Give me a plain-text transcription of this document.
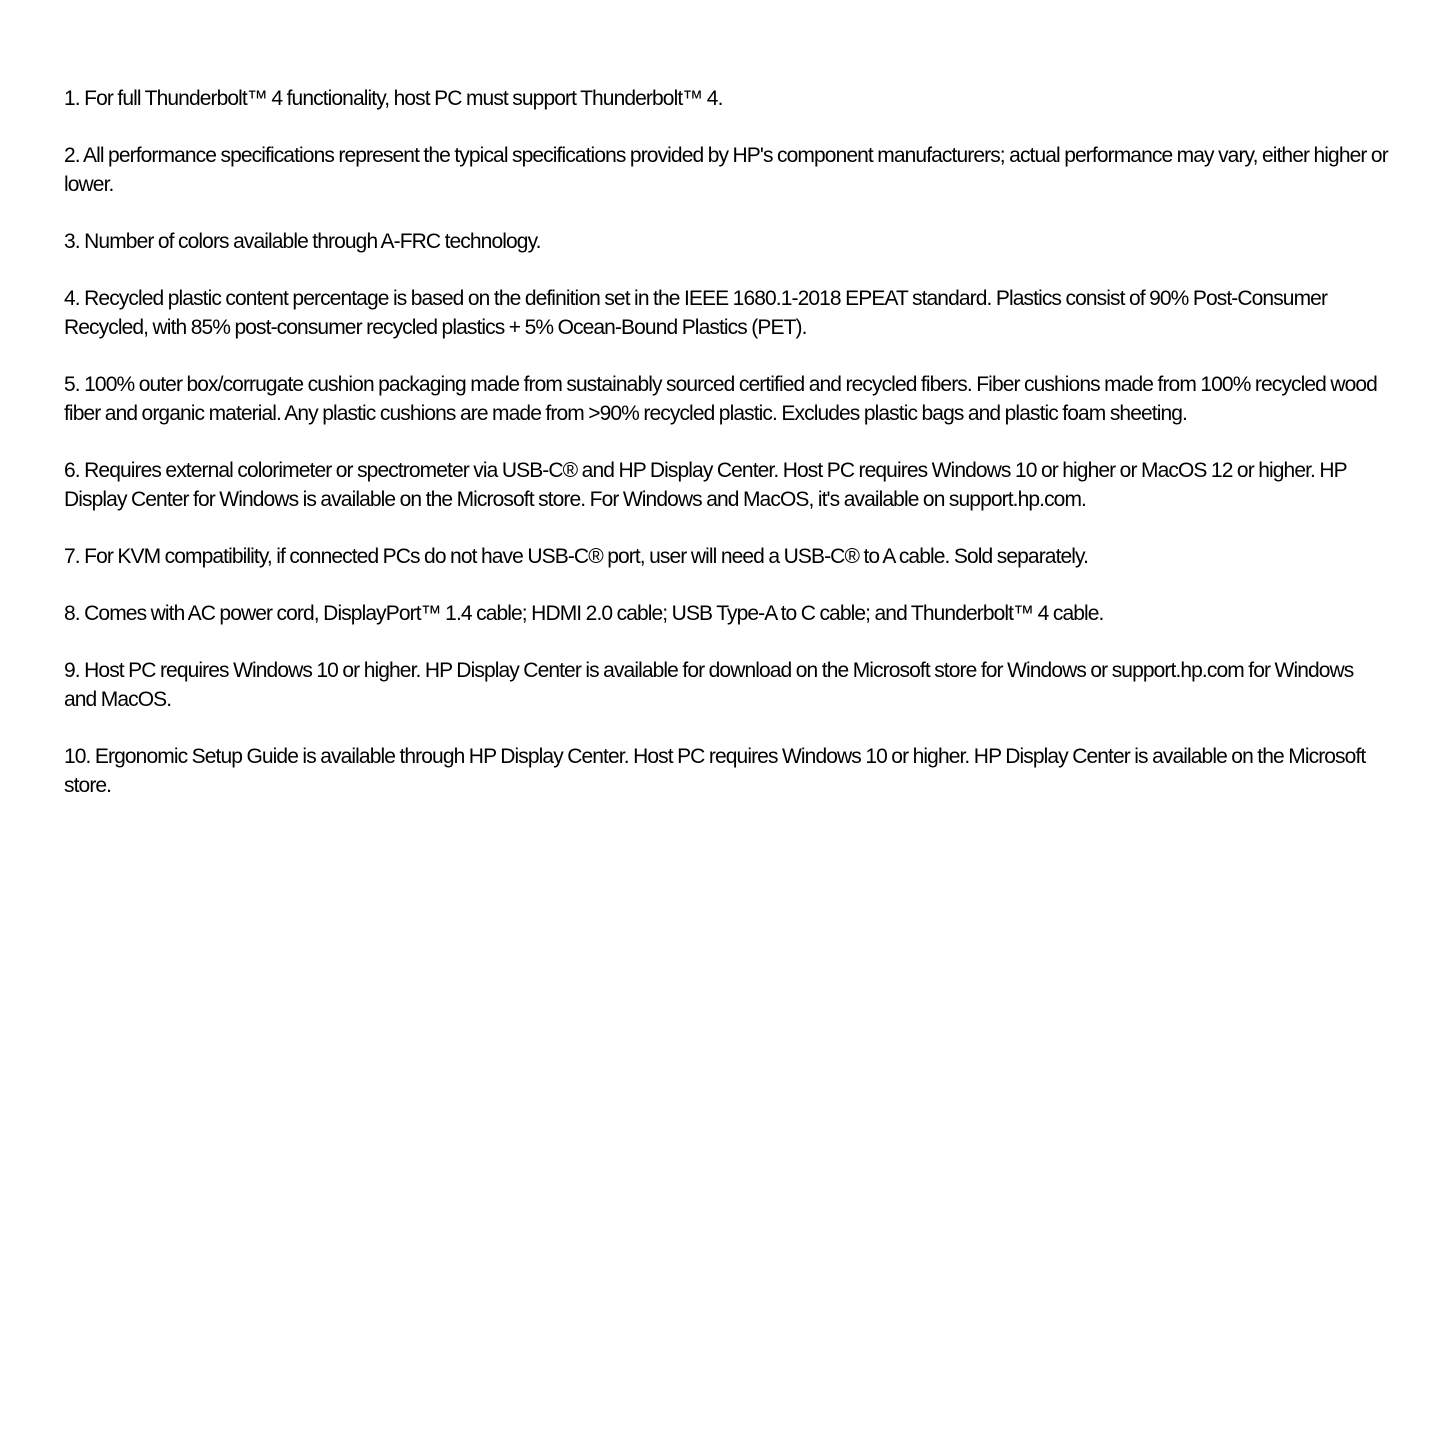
1. For full Thunderbolt™ 4 functionality, host PC must support Thunderbolt™ 4.
2. All performance specifications represent the typical specifications provided by HP's component manufacturers; actual performance may vary, either higher or lower.
3. Number of colors available through A-FRC technology.
4. Recycled plastic content percentage is based on the definition set in the IEEE 1680.1-2018 EPEAT standard. Plastics consist of 90% Post-Consumer Recycled, with 85% post-consumer recycled plastics + 5% Ocean-Bound Plastics (PET).
5. 100% outer box/corrugate cushion packaging made from sustainably sourced certified and recycled fibers. Fiber cushions made from 100% recycled wood fiber and organic material. Any plastic cushions are made from >90% recycled plastic. Excludes plastic bags and plastic foam sheeting.
6. Requires external colorimeter or spectrometer via USB-C® and HP Display Center. Host PC requires Windows 10 or higher or MacOS 12 or higher. HP Display Center for Windows is available on the Microsoft store. For Windows and MacOS, it's available on support.hp.com.
7. For KVM compatibility, if connected PCs do not have USB-C® port, user will need a USB-C® to A cable. Sold separately.
8. Comes with AC power cord, DisplayPort™ 1.4 cable; HDMI 2.0 cable; USB Type-A to C cable; and Thunderbolt™ 4 cable.
9. Host PC requires Windows 10 or higher. HP Display Center is available for download on the Microsoft store for Windows or support.hp.com for Windows and MacOS.
10. Ergonomic Setup Guide is available through HP Display Center. Host PC requires Windows 10 or higher. HP Display Center is available on the Microsoft store.
